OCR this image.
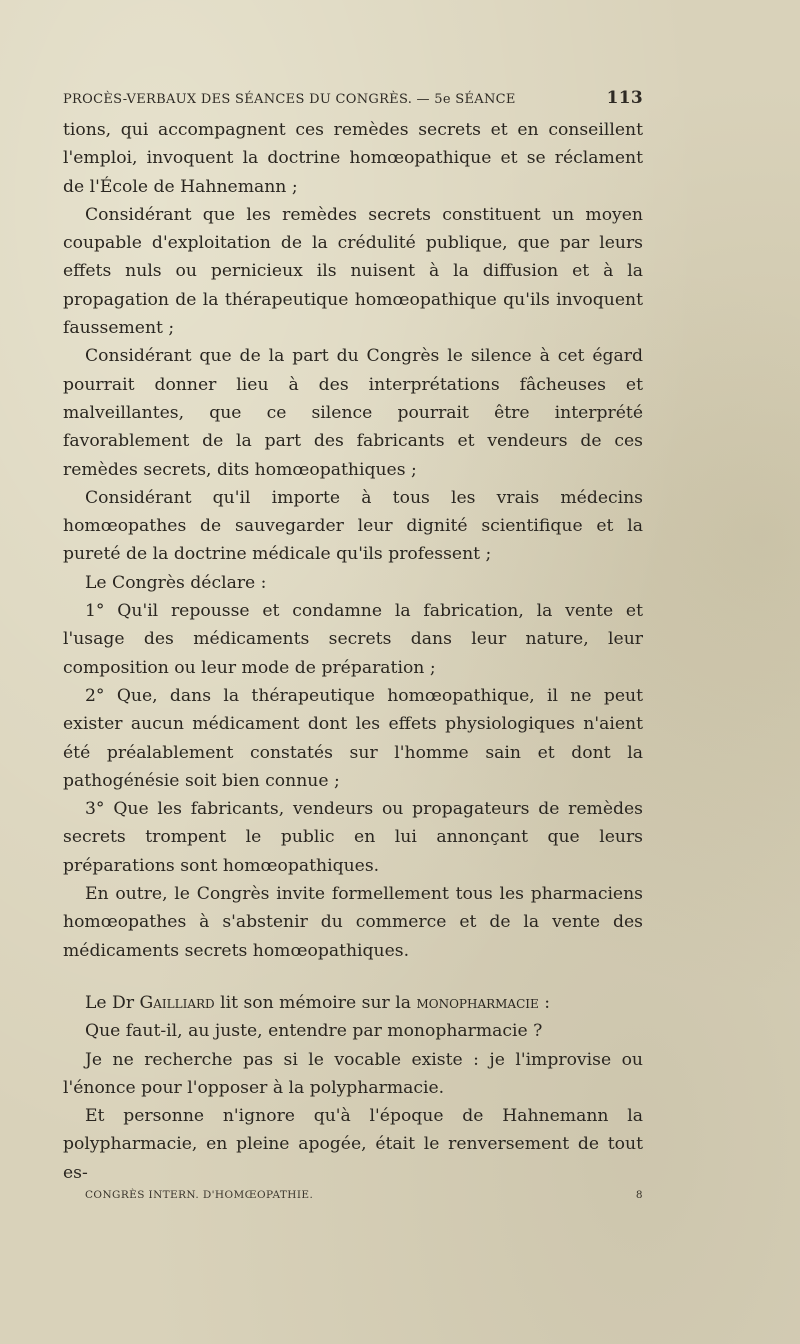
PROCÈS-VERBAUX DES SÉANCES DU CONGRÈS. — 5e SÉANCE	113

tions, qui accompagnent ces remèdes secrets et en conseillent l'emploi, invoquent la doctrine homœopathique et se réclament de l'École de Hahnemann ;

Considérant que les remèdes secrets constituent un moyen coupable d'exploitation de la crédulité publique, que par leurs effets nuls ou pernicieux ils nuisent à la diffusion et à la propagation de la thérapeutique homœopathique qu'ils invoquent faussement ;

Considérant que de la part du Congrès le silence à cet égard pourrait donner lieu à des interprétations fâcheuses et malveillantes, que ce silence pourrait être interprété favorablement de la part des fabricants et vendeurs de ces remèdes secrets, dits homœopathiques ;

Considérant qu'il importe à tous les vrais médecins homœopathes de sauvegarder leur dignité scientifique et la pureté de la doctrine médicale qu'ils professent ;

Le Congrès déclare :

1° Qu'il repousse et condamne la fabrication, la vente et l'usage des médicaments secrets dans leur nature, leur composition ou leur mode de préparation ;

2° Que, dans la thérapeutique homœopathique, il ne peut exister aucun médicament dont les effets physiologiques n'aient été préalablement constatés sur l'homme sain et dont la pathogénésie soit bien connue ;

3° Que les fabricants, vendeurs ou propagateurs de remèdes secrets trompent le public en lui annonçant que leurs préparations sont homœopathiques.

En outre, le Congrès invite formellement tous les pharmaciens homœopathes à s'abstenir du commerce et de la vente des médicaments secrets homœopathiques.

Le Dr Gailliard lit son mémoire sur la monopharmacie :

Que faut-il, au juste, entendre par monopharmacie ?

Je ne recherche pas si le vocable existe : je l'improvise ou l'énonce pour l'opposer à la polypharmacie.

Et personne n'ignore qu'à l'époque de Hahnemann la polypharmacie, en pleine apogée, était le renversement de tout es-

CONGRÈS INTERN. D'HOMŒOPATHIE.	8
